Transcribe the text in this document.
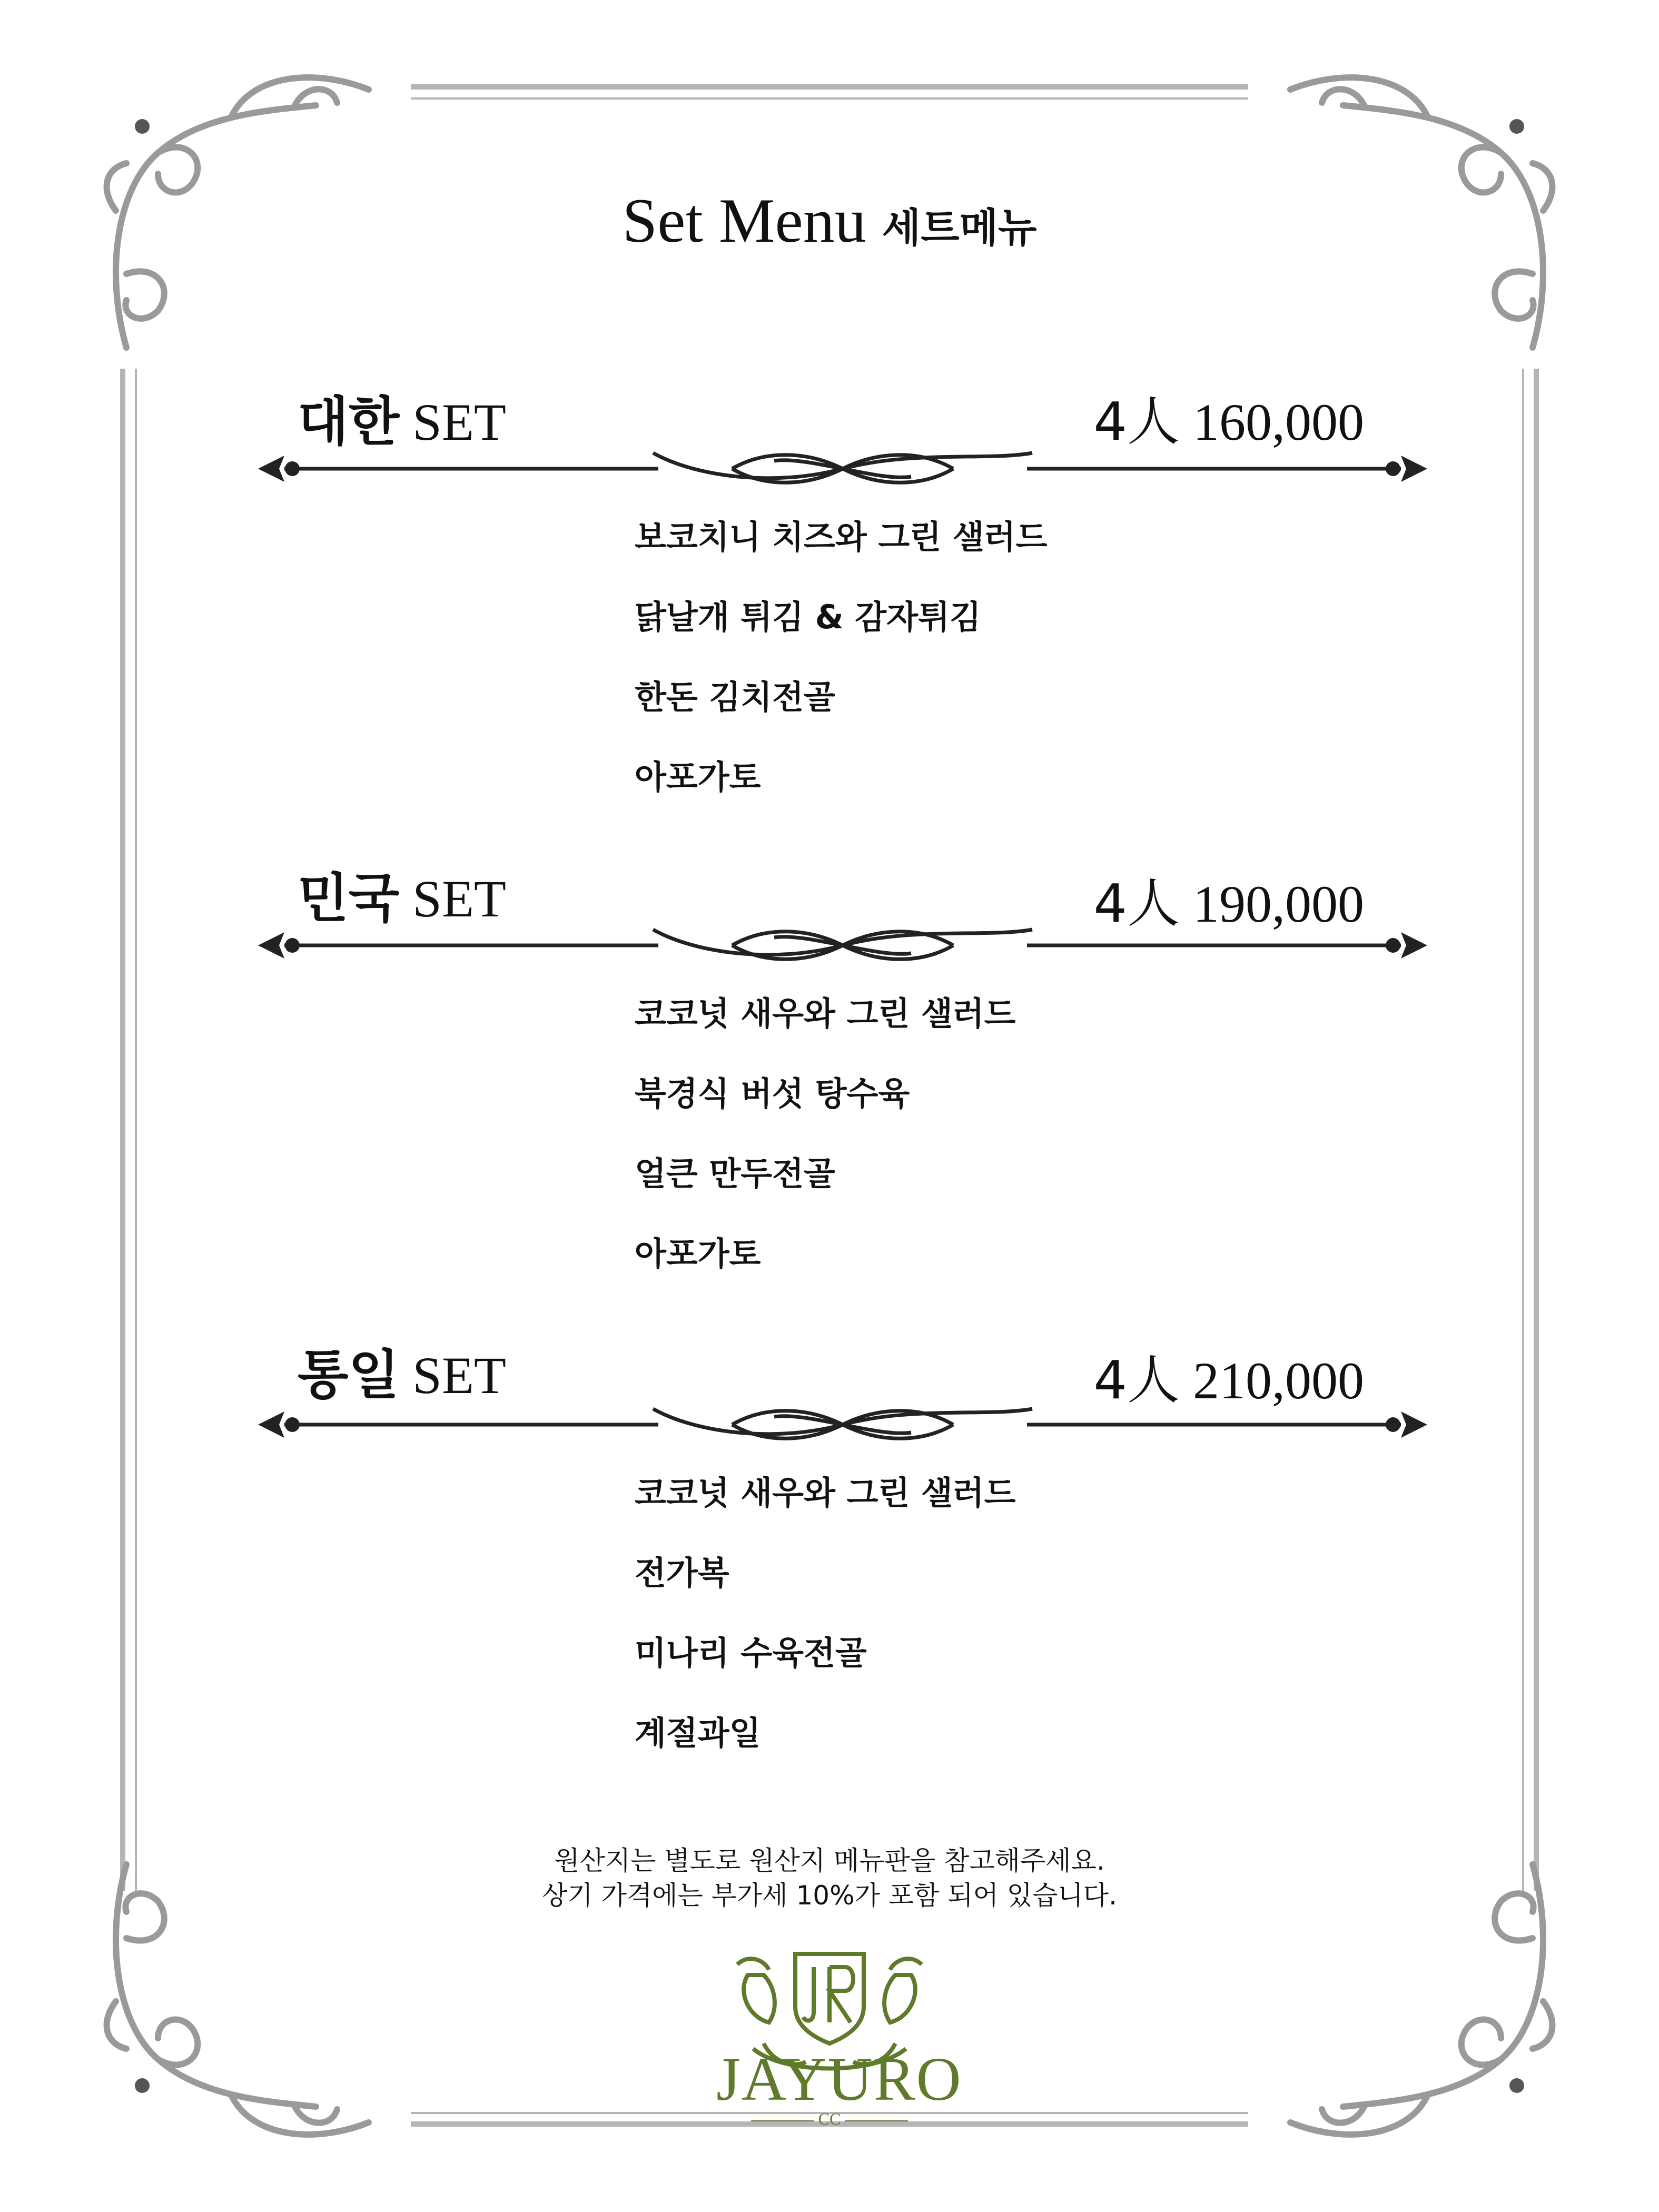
Set Menu 세트메뉴
대한 SET	4人 160,000
보코치니 치즈와 그린 샐러드
닭날개 튀김 & 감자튀김
한돈 김치전골
아포가토
민국 SET	4人 190,000
코코넛 새우와 그린 샐러드
북경식 버섯 탕수육
얼큰 만두전골
아포가토
통일 SET	4人 210,000
코코넛 새우와 그린 샐러드
전가복
미나리 수육전골
계절과일
원산지는 별도로 원산지 메뉴판을 참고해주세요.
상기 가격에는 부가세 10%가 포함 되어 있습니다.
JAYURO
CC
